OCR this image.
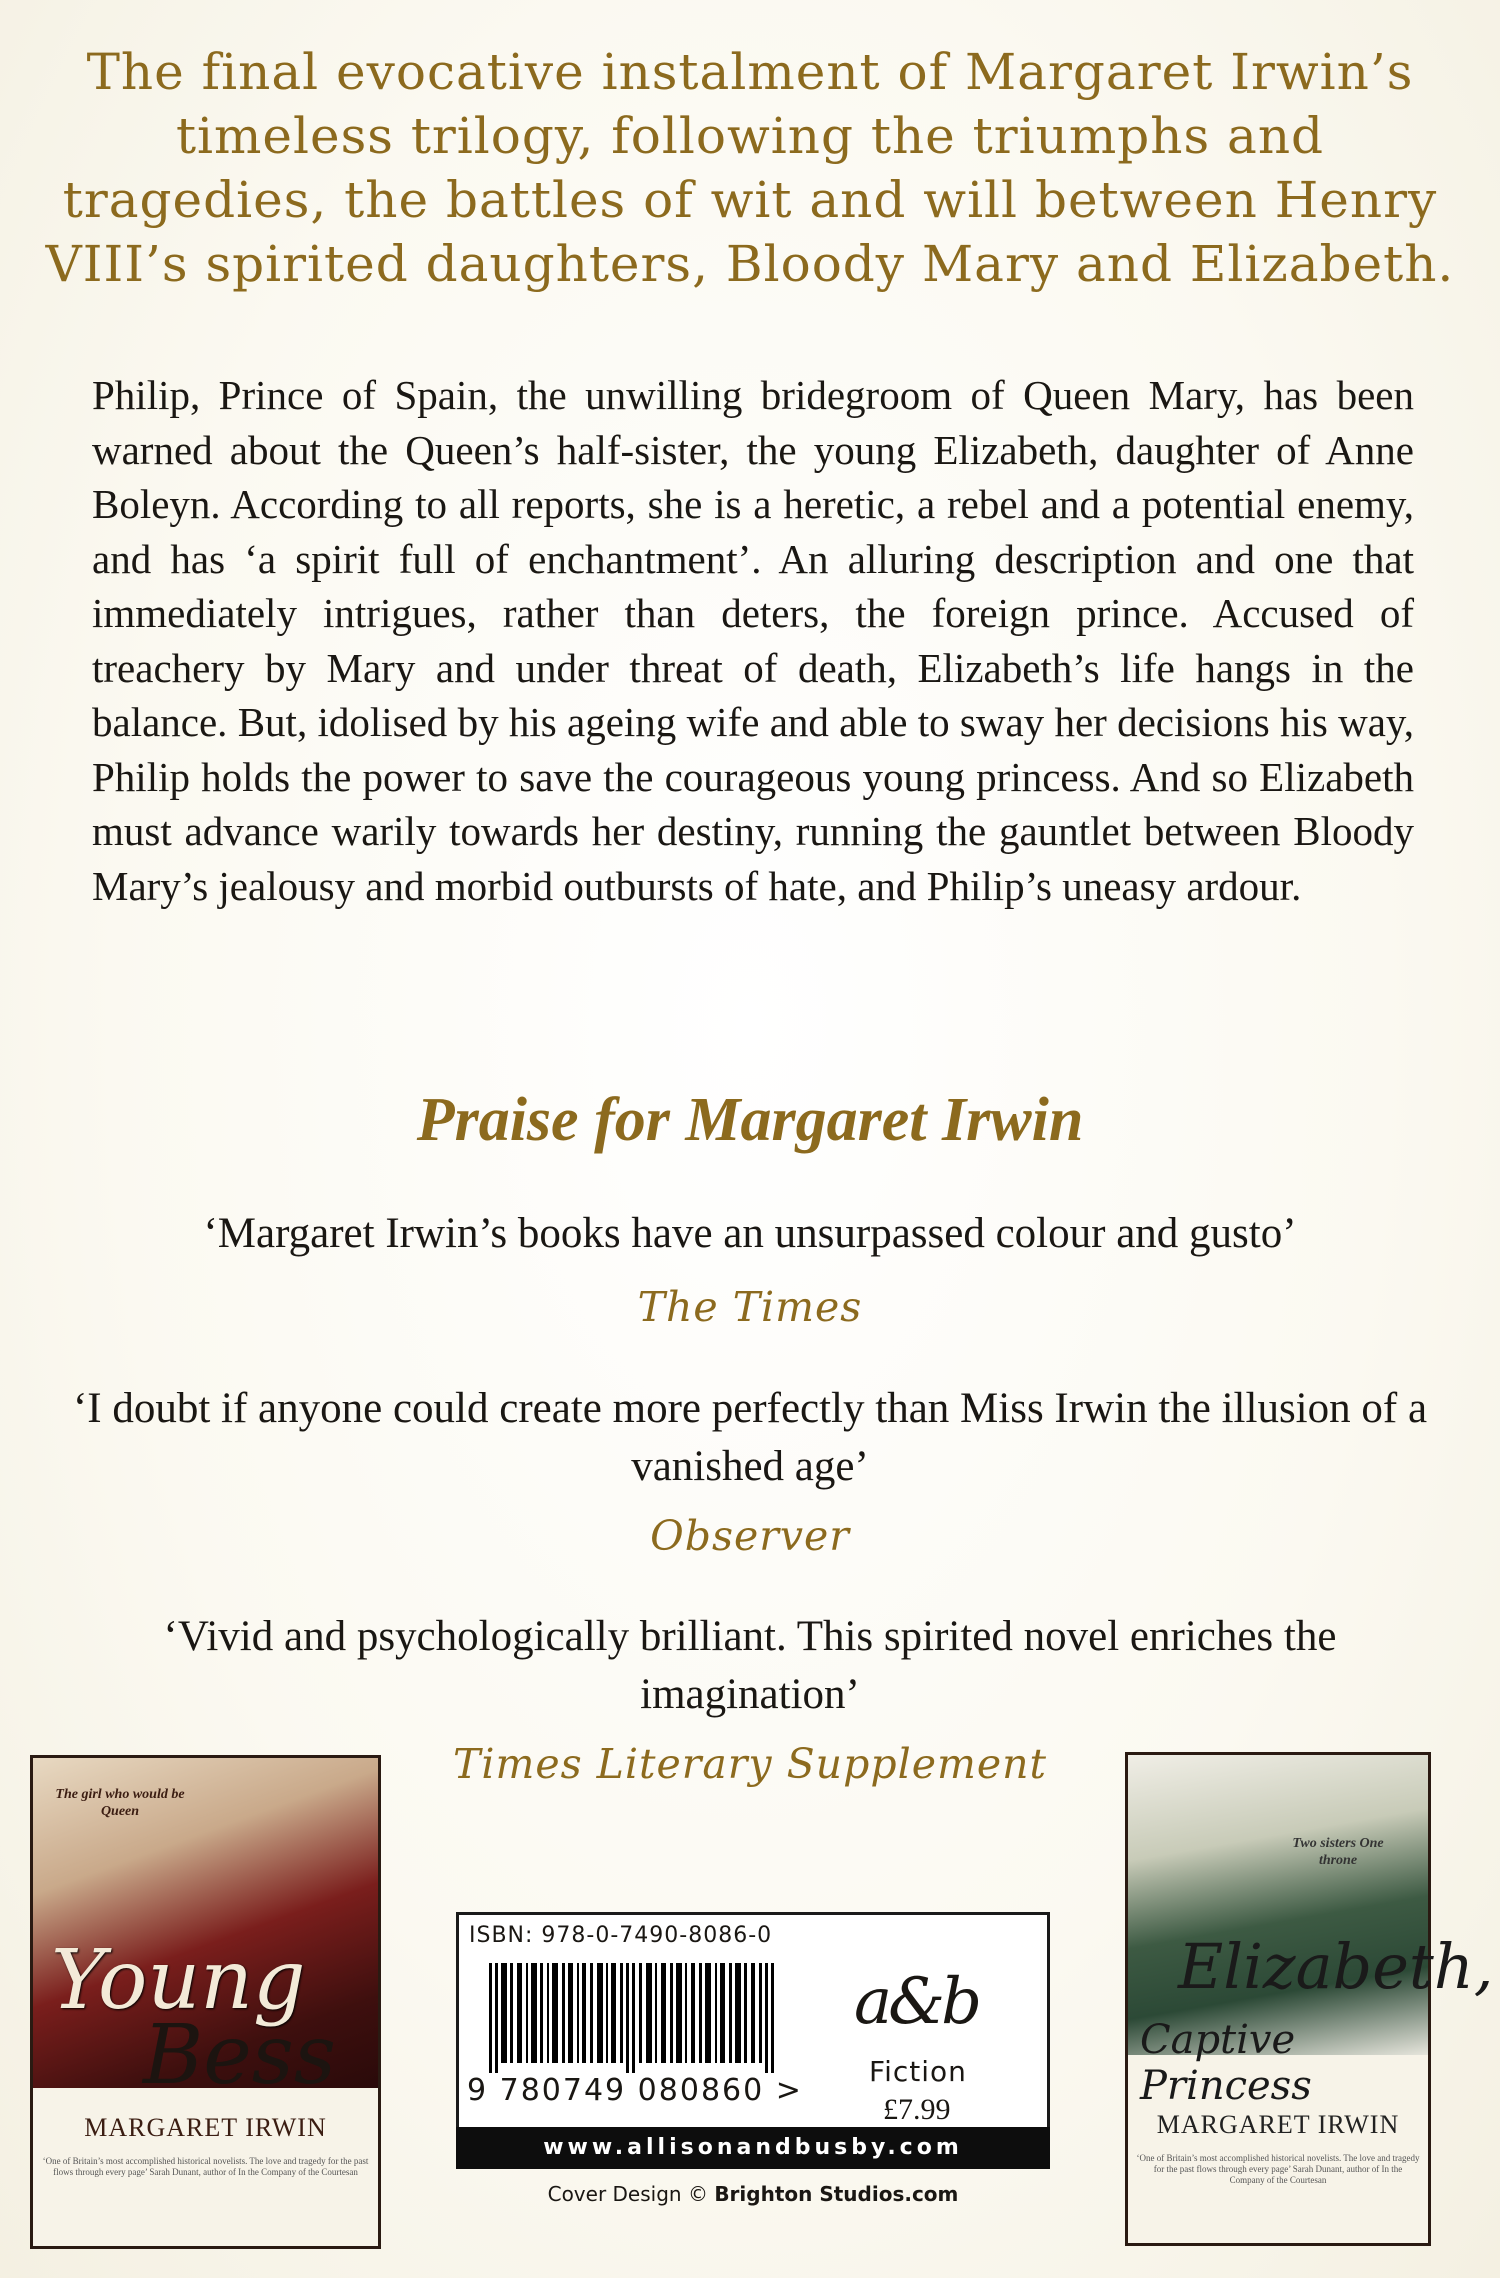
The final evocative instalment of Margaret Irwin’s timeless trilogy, following the triumphs and tragedies, the battles of wit and will between Henry VIII’s spirited daughters, Bloody Mary and Elizabeth.

Philip, Prince of Spain, the unwilling bridegroom of Queen Mary, has been warned about the Queen’s half-sister, the young Elizabeth, daughter of Anne Boleyn. According to all reports, she is a heretic, a rebel and a potential enemy, and has ‘a spirit full of enchantment’. An alluring description and one that immediately intrigues, rather than deters, the foreign prince. Accused of treachery by Mary and under threat of death, Elizabeth’s life hangs in the balance. But, idolised by his ageing wife and able to sway her decisions his way, Philip holds the power to save the courageous young princess. And so Elizabeth must advance warily towards her destiny, running the gauntlet between Bloody Mary’s jealousy and morbid outbursts of hate, and Philip’s uneasy ardour.

Praise for Margaret Irwin

‘Margaret Irwin’s books have an unsurpassed colour and gusto’

The Times

‘I doubt if anyone could create more perfectly than Miss Irwin the illusion of a vanished age’

Observer

‘Vivid and psychologically brilliant. This spirited novel enriches the imagination’

Times Literary Supplement
The girl who would be Queen
Young
Bess
MARGARET IRWIN
‘One of Britain’s most accomplished historical novelists. The love and tragedy for the past flows through every page’ Sarah Dunant, author of In the Company of the Courtesan
ISBN: 978-0-7490-8086-0
9 780749 080860 >
a&b
Fiction
£7.99
www.allisonandbusby.com
Cover Design © Brighton Studios.com
Two sisters One throne
Elizabeth,
Captive Princess
MARGARET IRWIN
‘One of Britain’s most accomplished historical novelists. The love and tragedy for the past flows through every page’ Sarah Dunant, author of In the Company of the Courtesan
